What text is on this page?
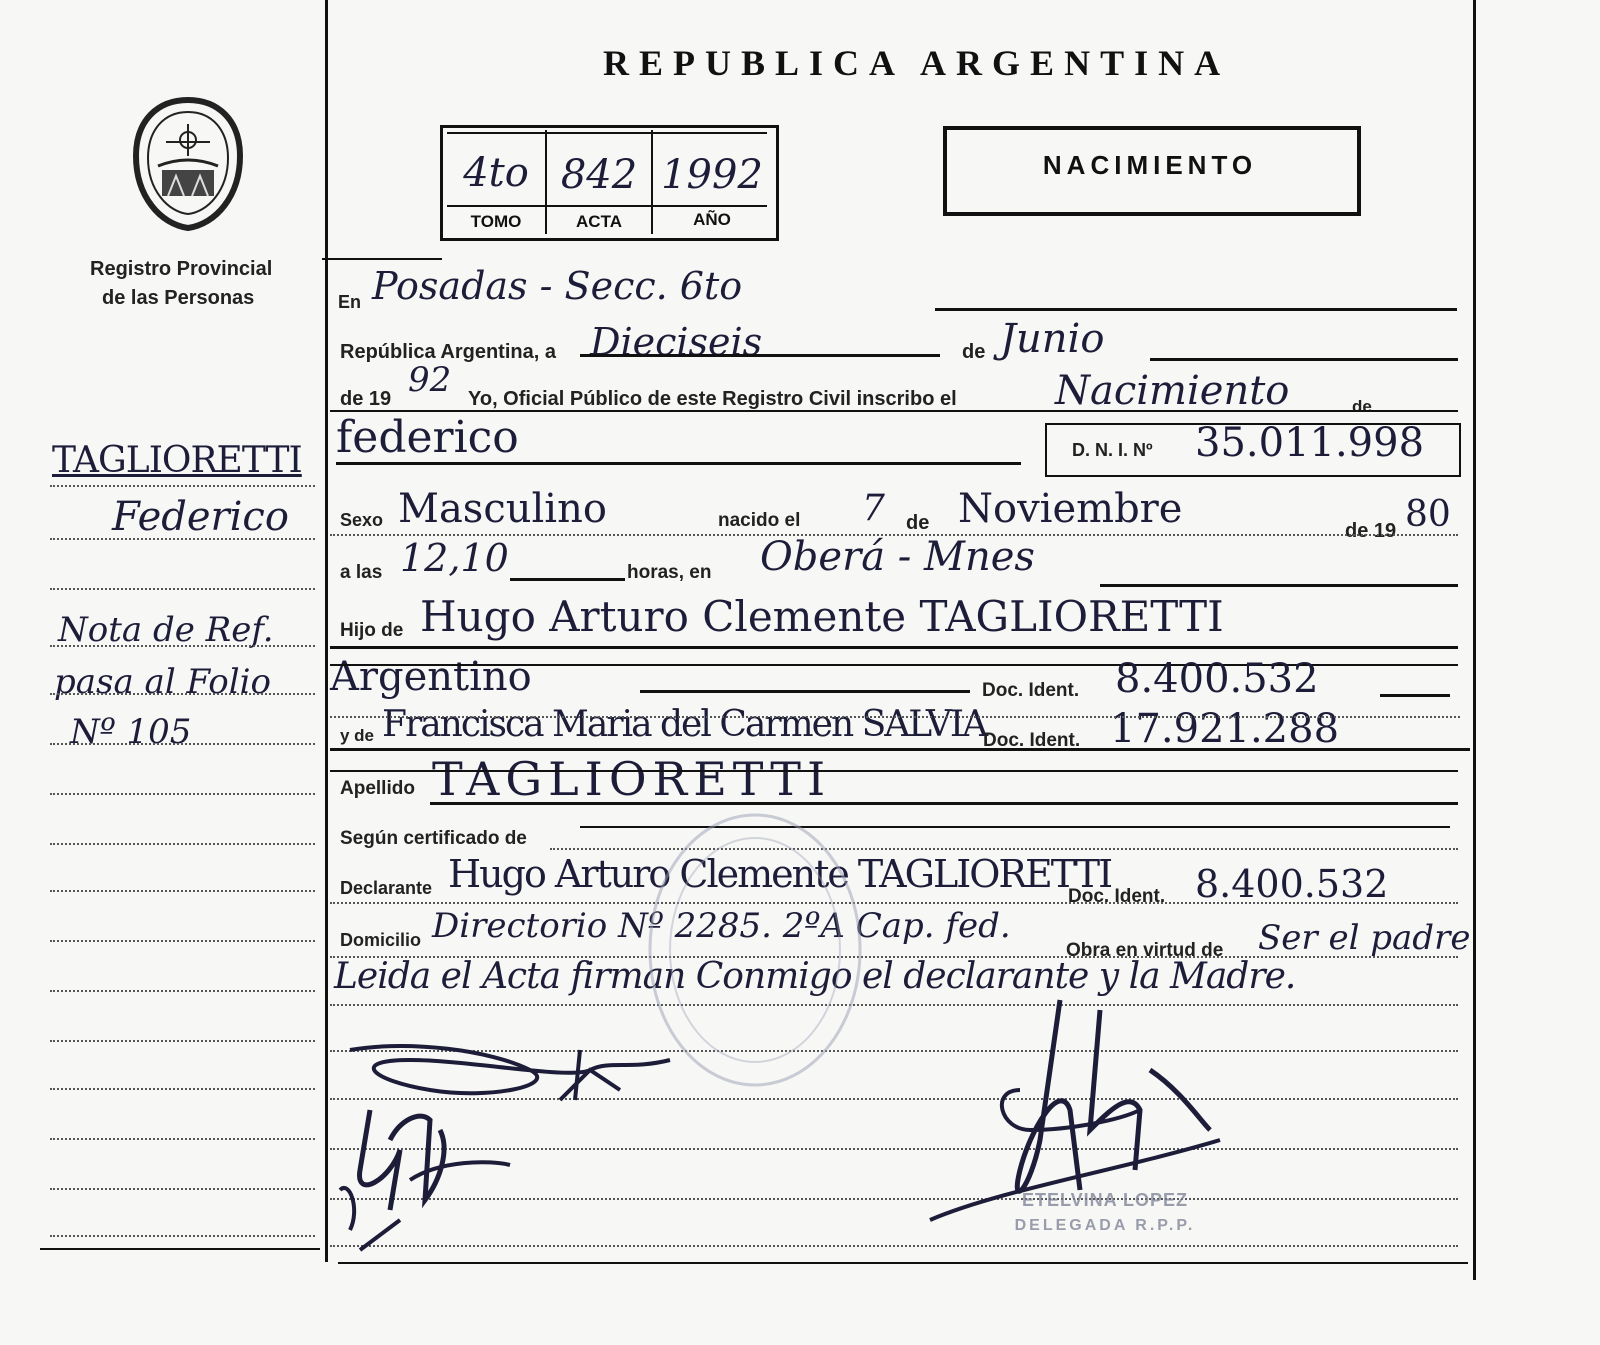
REPUBLICA ARGENTINA
Registro Provincial
de las Personas
4to 842 1992
TOMO	ACTA	AÑO
NACIMIENTO
TAGLIORETTI
Federico
Nota de Ref.
pasa al Folio
Nº 105
En Posadas - Secc. 6to
República Argentina, a Dieciseis	de Junio
de 19 92 Yo, Oficial Público de este Registro Civil inscribo el Nacimiento	de
federico	D. N. I. Nº 35.011.998
Sexo Masculino	nacido el 7 de Noviembre	de 19 80
a las 12,10	horas, en Oberá - Mnes
Hijo de Hugo Arturo Clemente TAGLIORETTI
Argentino	Doc. Ident. 8.400.532
y de Francisca Maria del Carmen SALVIA
Doc. Ident. 17.921.288
Apellido TAGLIORETTI
Según certificado de
Declarante Hugo Arturo Clemente TAGLIORETTI
Doc. Ident. 8.400.532
Domicilio Directorio Nº 2285. 2ºA Cap. fed.
Obra en virtud de Ser el padre
Leida el Acta firman Conmigo el declarante y la Madre.
ETELVINA LOPEZ
DELEGADA R.P.P.
